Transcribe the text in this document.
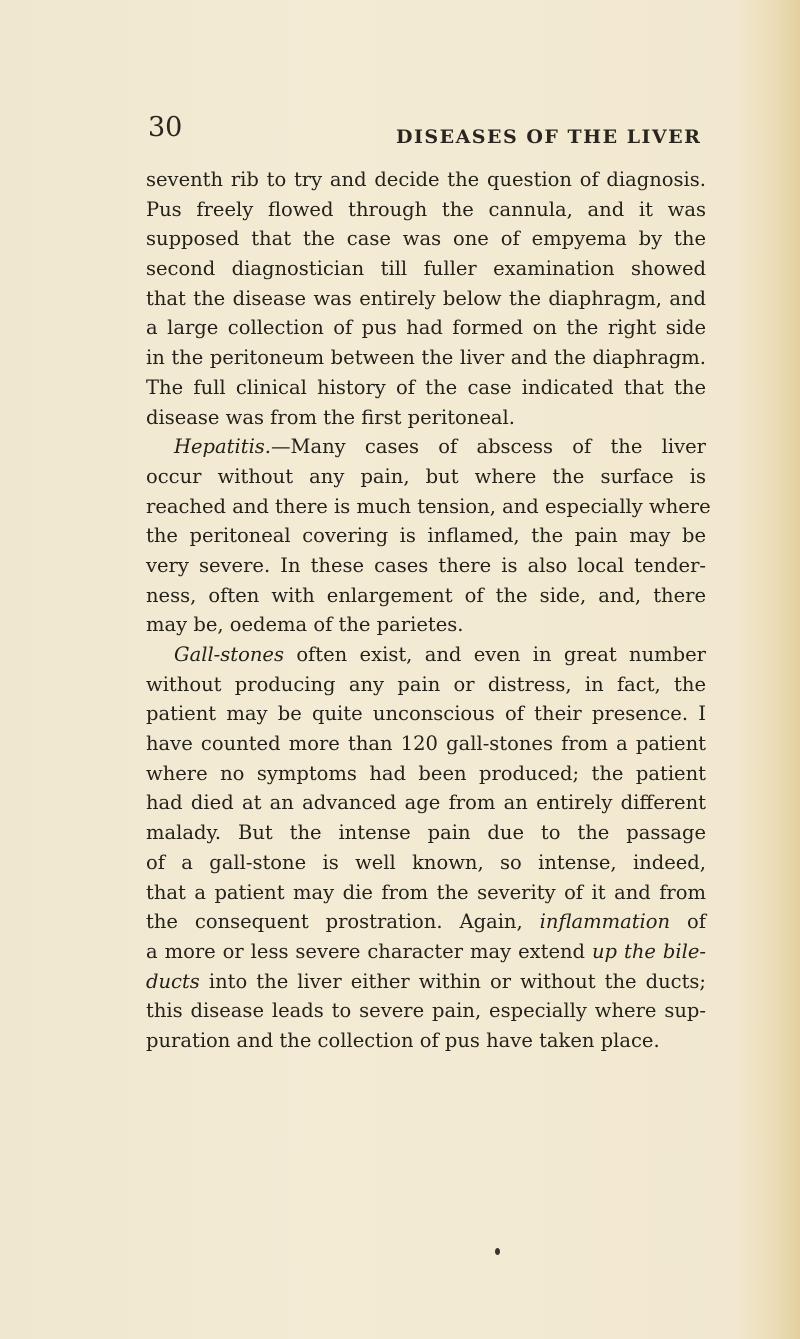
30	DISEASES OF THE LIVER
seventh rib to try and decide the question of diagnosis.
Pus freely flowed through the cannula, and it was
supposed that the case was one of empyema by the
second diagnostician till fuller examination showed
that the disease was entirely below the diaphragm, and
a large collection of pus had formed on the right side
in the peritoneum between the liver and the diaphragm.
The full clinical history of the case indicated that the
disease was from the first peritoneal.
Hepatitis.—Many cases of abscess of the liver
occur without any pain, but where the surface is
reached and there is much tension, and especially where
the peritoneal covering is inflamed, the pain may be
very severe. In these cases there is also local tender-
ness, often with enlargement of the side, and, there
may be, oedema of the parietes.
Gall-stones often exist, and even in great number
without producing any pain or distress, in fact, the
patient may be quite unconscious of their presence. I
have counted more than 120 gall-stones from a patient
where no symptoms had been produced; the patient
had died at an advanced age from an entirely different
malady. But the intense pain due to the passage
of a gall-stone is well known, so intense, indeed,
that a patient may die from the severity of it and from
the consequent prostration. Again, inflammation of
a more or less severe character may extend up the bile-
ducts into the liver either within or without the ducts;
this disease leads to severe pain, especially where sup-
puration and the collection of pus have taken place.
